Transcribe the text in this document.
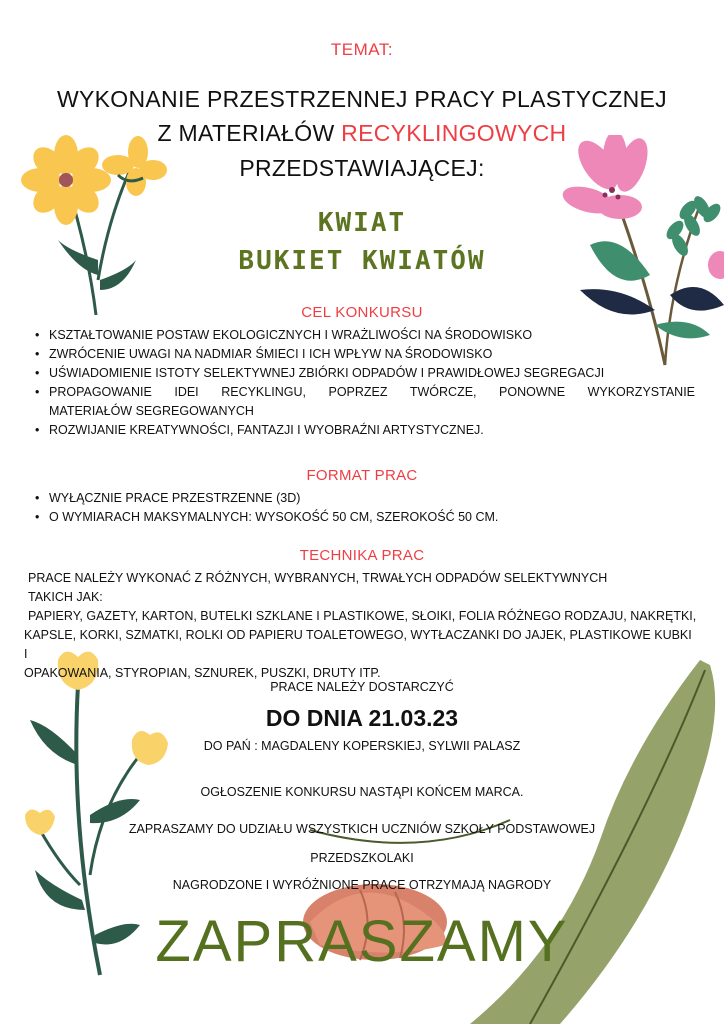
TEMAT:
WYKONANIE PRZESTRZENNEJ PRACY PLASTYCZNEJ
Z MATERIAŁÓW RECYKLINGOWYCH
PRZEDSTAWIAJĄCEJ:
KWIAT
BUKIET KWIATÓW
CEL KONKURSU
• KSZTAŁTOWANIE POSTAW EKOLOGICZNYCH I WRAŻLIWOŚCI NA ŚRODOWISKO
• ZWRÓCENIE UWAGI NA NADMIAR ŚMIECI I ICH WPŁYW NA ŚRODOWISKO
• UŚWIADOMIENIE ISTOTY SELEKTYWNEJ ZBIÓRKI ODPADÓW I PRAWIDŁOWEJ SEGREGACJI
• PROPAGOWANIE IDEI RECYKLINGU, POPRZEZ TWÓRCZE, PONOWNE WYKORZYSTANIE
MATERIAŁÓW SEGREGOWANYCH
• ROZWIJANIE KREATYWNOŚCI, FANTAZJI I WYOBRAŹNI ARTYSTYCZNEJ.
FORMAT PRAC
• WYŁĄCZNIE PRACE PRZESTRZENNE (3D)
• O WYMIARACH MAKSYMALNYCH: WYSOKOŚĆ 50 CM, SZEROKOŚĆ 50 CM.
TECHNIKA PRAC
PRACE NALEŻY WYKONAĆ Z RÓŻNYCH, WYBRANYCH, TRWAŁYCH ODPADÓW SELEKTYWNYCH
TAKICH JAK:
PAPIERY, GAZETY, KARTON, BUTELKI SZKLANE I PLASTIKOWE, SŁOIKI, FOLIA RÓŻNEGO RODZAJU, NAKRĘTKI,
KAPSLE, KORKI, SZMATKI, ROLKI OD PAPIERU TOALETOWEGO, WYTŁACZANKI DO JAJEK, PLASTIKOWE KUBKI I
OPAKOWANIA, STYROPIAN, SZNUREK, PUSZKI, DRUTY ITP.
PRACE NALEŻY DOSTARCZYĆ
DO DNIA 21.03.23
DO PAŃ : MAGDALENY KOPERSKIEJ, SYLWII PALASZ
OGŁOSZENIE KONKURSU NASTĄPI KOŃCEM MARCA.
ZAPRASZAMY DO UDZIAŁU WSZYSTKICH UCZNIÓW SZKOŁY PODSTAWOWEJ
PRZEDSZKOLAKI
NAGRODZONE I WYRÓŻNIONE PRACE OTRZYMAJĄ NAGRODY
ZAPRASZAMY
